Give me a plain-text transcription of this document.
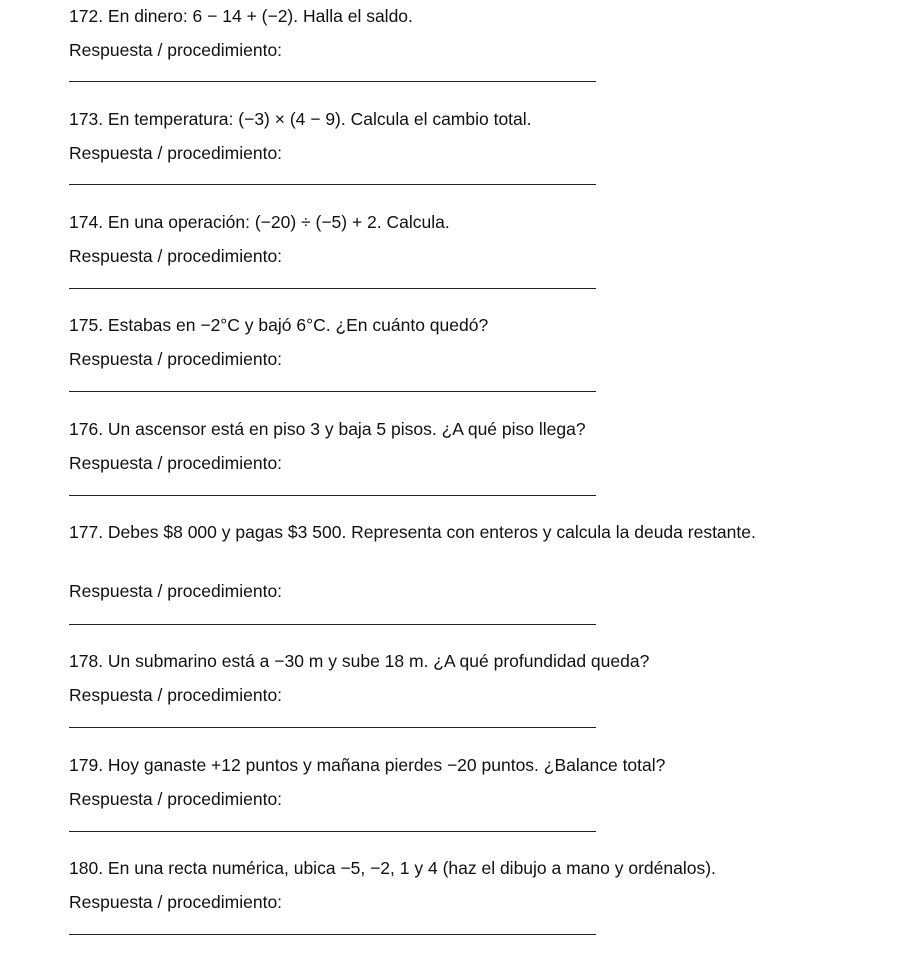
172. En dinero: 6 − 14 + (−2). Halla el saldo.

Respuesta / procedimiento:

173. En temperatura: (−3) × (4 − 9). Calcula el cambio total.

Respuesta / procedimiento:

174. En una operación: (−20) ÷ (−5) + 2. Calcula.

Respuesta / procedimiento:

175. Estabas en −2°C y bajó 6°C. ¿En cuánto quedó?

Respuesta / procedimiento:

176. Un ascensor está en piso 3 y baja 5 pisos. ¿A qué piso llega?

Respuesta / procedimiento:

177. Debes $8 000 y pagas $3 500. Representa con enteros y calcula la deuda restante.

Respuesta / procedimiento:

178. Un submarino está a −30 m y sube 18 m. ¿A qué profundidad queda?

Respuesta / procedimiento:

179. Hoy ganaste +12 puntos y mañana pierdes −20 puntos. ¿Balance total?

Respuesta / procedimiento:

180. En una recta numérica, ubica −5, −2, 1 y 4 (haz el dibujo a mano y ordénalos).

Respuesta / procedimiento:
